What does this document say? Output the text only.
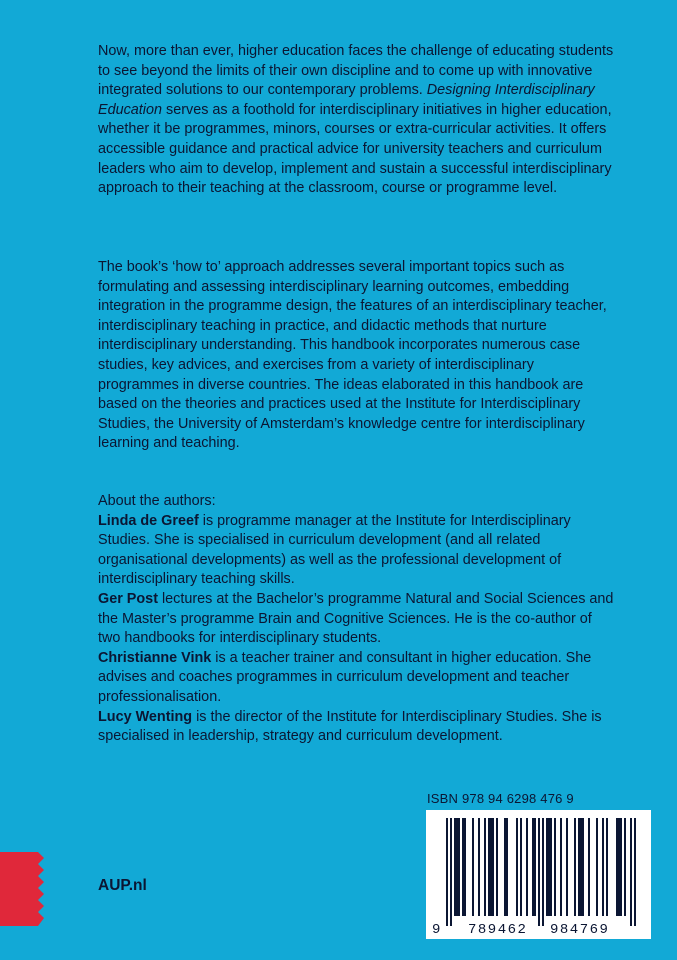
Now, more than ever, higher education faces the challenge of educating students to see beyond the limits of their own discipline and to come up with innovative integrated solutions to our contemporary problems. Designing Interdisciplinary Education serves as a foothold for interdisciplinary initiatives in higher education, whether it be programmes, minors, courses or extra-curricular activities. It offers accessible guidance and practical advice for university teachers and curriculum leaders who aim to develop, implement and sustain a successful interdisciplinary approach to their teaching at the classroom, course or programme level.

The book’s ‘how to’ approach addresses several important topics such as formulating and assessing interdisciplinary learning outcomes, embedding integration in the programme design, the features of an interdisciplinary teacher, interdisciplinary teaching in practice, and didactic methods that nurture interdisciplinary understanding. This handbook incorporates numerous case studies, key advices, and exercises from a variety of interdisciplinary programmes in diverse countries. The ideas elaborated in this handbook are based on the theories and practices used at the Institute for Interdisciplinary Studies, the University of Amsterdam’s knowledge centre for interdisciplinary learning and teaching.

About the authors:

Linda de Greef is programme manager at the Institute for Interdisciplinary Studies. She is specialised in curriculum development (and all related organisational developments) as well as the professional development of interdisciplinary teaching skills.

Ger Post lectures at the Bachelor’s programme Natural and Social Sciences and the Master’s programme Brain and Cognitive Sciences. He is the co-author of two handbooks for interdisciplinary students.

Christianne Vink is a teacher trainer and consultant in higher education. She advises and coaches programmes in curriculum development and teacher professionalisation.

Lucy Wenting is the director of the Institute for Interdisciplinary Studies. She is specialised in leadership, strategy and curriculum development.

ISBN 978 94 6298 476 9
9 789462 984769
AUP.nl
